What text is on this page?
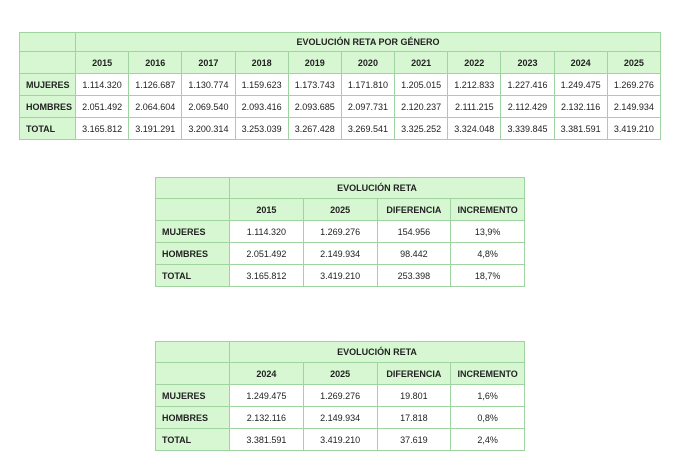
	EVOLUCIÓN RETA POR GÉNERO										
	2015	2016	2017	2018	2019	2020	2021	2022	2023	2024	2025
MUJERES	1.114.320	1.126.687	1.130.774	1.159.623	1.173.743	1.171.810	1.205.015	1.212.833	1.227.416	1.249.475	1.269.276
HOMBRES	2.051.492	2.064.604	2.069.540	2.093.416	2.093.685	2.097.731	2.120.237	2.111.215	2.112.429	2.132.116	2.149.934
TOTAL	3.165.812	3.191.291	3.200.314	3.253.039	3.267.428	3.269.541	3.325.252	3.324.048	3.339.845	3.381.591	3.419.210
	EVOLUCIÓN RETA			
	2015	2025	DIFERENCIA	INCREMENTO
MUJERES	1.114.320	1.269.276	154.956	13,9%
HOMBRES	2.051.492	2.149.934	98.442	4,8%
TOTAL	3.165.812	3.419.210	253.398	18,7%
	EVOLUCIÓN RETA			
	2024	2025	DIFERENCIA	INCREMENTO
MUJERES	1.249.475	1.269.276	19.801	1,6%
HOMBRES	2.132.116	2.149.934	17.818	0,8%
TOTAL	3.381.591	3.419.210	37.619	2,4%
